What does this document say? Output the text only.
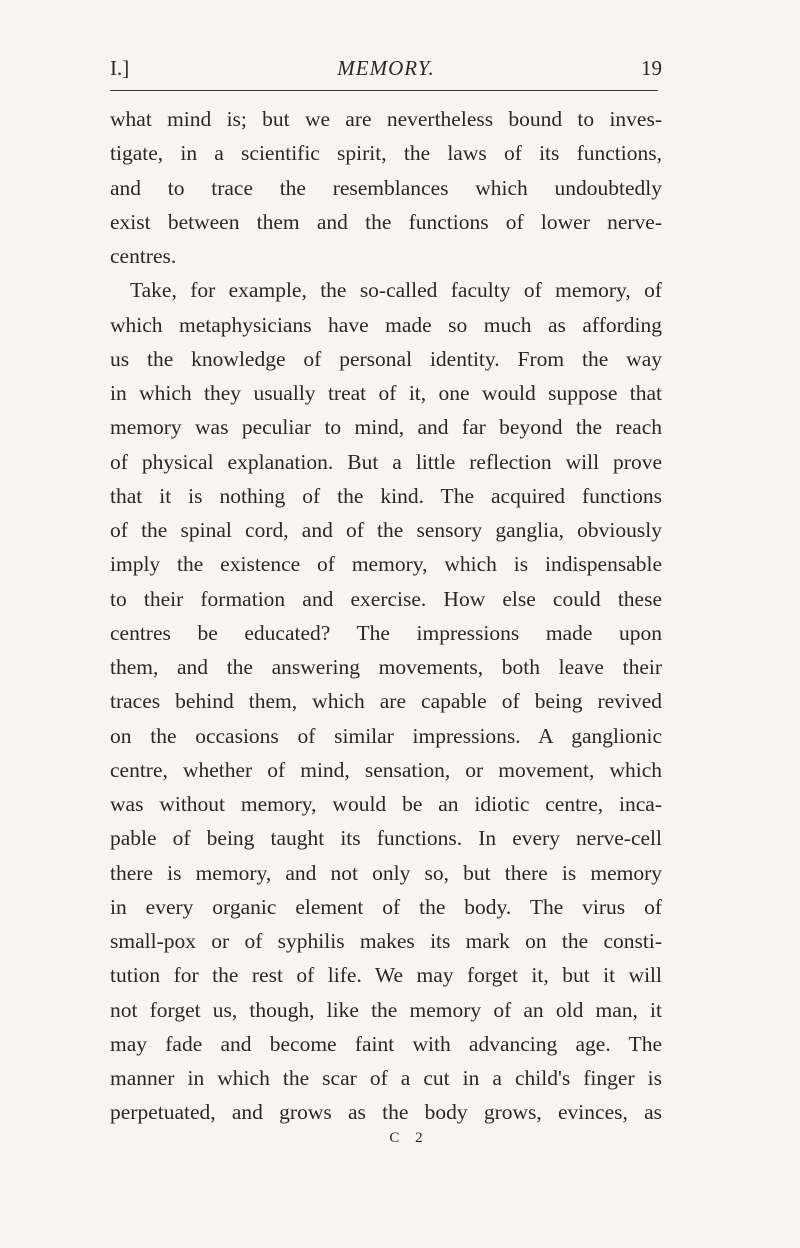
I.]	MEMORY.	19
what mind is; but we are nevertheless bound to inves-
tigate, in a scientific spirit, the laws of its functions,
and to trace the resemblances which undoubtedly
exist between them and the functions of lower nerve-
centres.
Take, for example, the so-called faculty of memory, of
which metaphysicians have made so much as affording
us the knowledge of personal identity. From the way
in which they usually treat of it, one would suppose that
memory was peculiar to mind, and far beyond the reach
of physical explanation. But a little reflection will prove
that it is nothing of the kind. The acquired functions
of the spinal cord, and of the sensory ganglia, obviously
imply the existence of memory, which is indispensable
to their formation and exercise. How else could these
centres be educated? The impressions made upon
them, and the answering movements, both leave their
traces behind them, which are capable of being revived
on the occasions of similar impressions. A ganglionic
centre, whether of mind, sensation, or movement, which
was without memory, would be an idiotic centre, inca-
pable of being taught its functions. In every nerve-cell
there is memory, and not only so, but there is memory
in every organic element of the body. The virus of
small-pox or of syphilis makes its mark on the consti-
tution for the rest of life. We may forget it, but it will
not forget us, though, like the memory of an old man, it
may fade and become faint with advancing age. The
manner in which the scar of a cut in a child's finger is
perpetuated, and grows as the body grows, evinces, as
C 2
